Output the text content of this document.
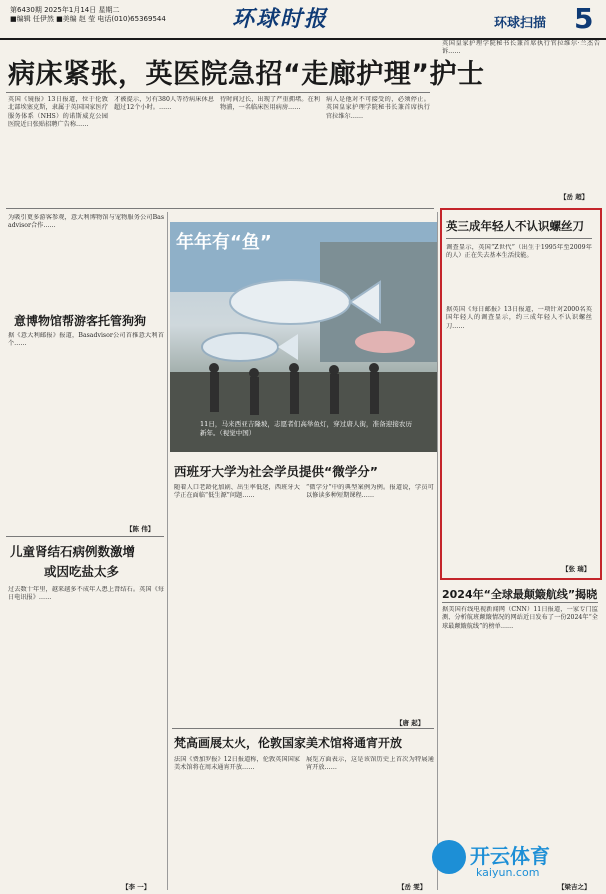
第6430期 2025年1月14日 星期二
■编辑 任伊然 ■美编 赵 莹 电话(010)65369544	环球时报	环球扫描 5
病床紧张，英医院急招“走廊护理”护士
英国《镜报》13日报道，位于伦敦北部埃塞克斯，隶属于英国国家医疗服务体系（NHS）的诺斯威克公园医院近日张贴招聘广告称……
才被提示，另有380人等待病床休息超过12个小时。……
待时间过长，出现了严重拥堵。在利物浦，一名临床医用病房……
病人是他对不可接受的，必须停止。英国皇家护理学院秘书长兼首席执行官拉维尔……
英国皇家护理学院秘书长兼首席执行官拉维尔·兰杰告诉……
【岳 超】
为吸引更多游客参观，意大利博物馆与宠物服务公司Basadvisor合作……
意博物馆帮游客托管狗狗
据《意大利邮报》报道，Basadvisor公司首推意大利首个……
【陈 伟】
儿童肾结石病例数激增
或因吃盐太多
过去数十年里，越来越多不成年人患上肾结石。英国《每日电讯报》……
【李 一】
年年有“鱼”
11日，马来西亚吉隆坡，志愿者们高举鱼灯，穿过唐人街，准备迎接农历新年。（视觉中国）
西班牙大学为社会学员提供“微学分”
随着人口老龄化加剧、出生率低迷，西班牙大学正在面临“低生源”问题……
“微学分”中的典型案例为例。报道说，学员可以修读多种短期课程……
【唐 起】
梵高画展太火，伦敦国家美术馆将通宵开放
法国《费加罗报》12日报道称，伦敦英国国家美术馆将在周末通宵开放……
展览方面表示，这是该馆历史上首次为特展通宵开放……
【岳 雯】
英三成年轻人不认识螺丝刀
调查显示，英国“Z世代”（出生于1995年至2009年的人）正在失去基本生活技能。
据英国《每日邮报》13日报道，一项针对2000名英国年轻人的调查显示，约三成年轻人不认识螺丝刀……
【张 瑞】
2024年“全球最颠簸航线”揭晓
据美国有线电视新闻网（CNN）11日报道，一家专门监测、分析航班颠簸情况的网站近日发布了一份2024年“全球最颠簸航线”的榜单……
【梁吉之】
开云体育
kaiyun.com
